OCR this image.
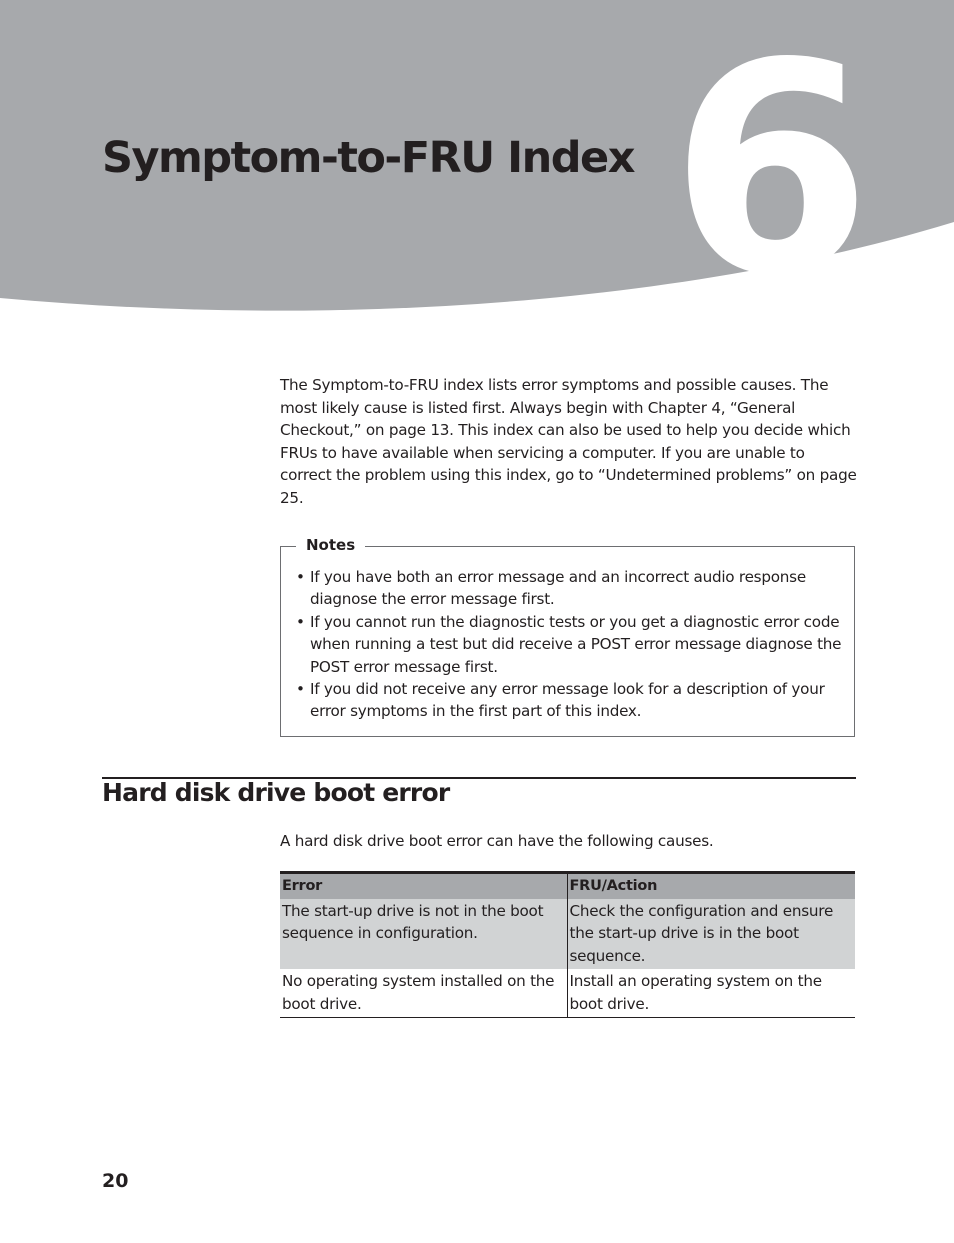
6
Symptom-to-FRU Index

The Symptom-to-FRU index lists error symptoms and possible causes. The most likely cause is listed first. Always begin with Chapter 4, “General Checkout,” on page 13. This index can also be used to help you decide which FRUs to have available when servicing a computer. If you are unable to correct the problem using this index, go to “Undetermined problems” on page 25.

Notes
• If you have both an error message and an incorrect audio response diagnose the error message first.
• If you cannot run the diagnostic tests or you get a diagnostic error code when running a test but did receive a POST error message diagnose the POST error message first.
• If you did not receive any error message look for a description of your error symptoms in the first part of this index.
Hard disk drive boot error

A hard disk drive boot error can have the following causes.

Error	FRU/Action
The start-up drive is not in the boot sequence in configuration.	Check the configuration and ensure the start-up drive is in the boot sequence.
No operating system installed on the boot drive.	Install an operating system on the boot drive.

20
